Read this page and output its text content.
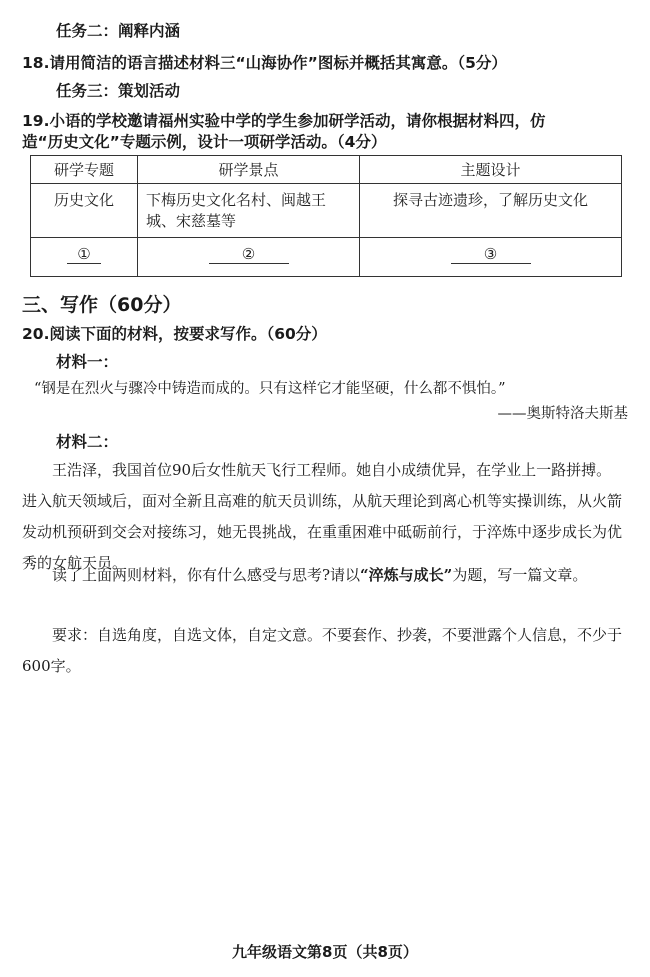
任务二：阐释内涵
18.请用简洁的语言描述材料三“山海协作”图标并概括其寓意。（5分）
任务三：策划活动
19.小语的学校邀请福州实验中学的学生参加研学活动，请你根据材料四，仿
造“历史文化”专题示例，设计一项研学活动。（4分）
研学专题	研学景点	主题设计
历史文化	下梅历史文化名村、闽越王城、宋慈墓等	探寻古迹遗珍，了解历史文化
①	②	③
三、写作（60分）
20.阅读下面的材料，按要求写作。（60分）
材料一：
“钢是在烈火与骤冷中铸造而成的。只有这样它才能坚硬，什么都不惧怕。”
——奥斯特洛夫斯基
材料二：
王浩泽，我国首位90后女性航天飞行工程师。她自小成绩优异，在学业上一路拼搏。进入航天领域后，面对全新且高难的航天员训练，从航天理论到离心机等实操训练，从火箭发动机预研到交会对接练习，她无畏挑战，在重重困难中砥砺前行，于淬炼中逐步成长为优秀的女航天员。
读了上面两则材料，你有什么感受与思考?请以“淬炼与成长”为题，写一篇文章。
要求：自选角度，自选文体，自定文意。不要套作、抄袭，不要泄露个人信息，不少于600字。
九年级语文第8页（共8页）
